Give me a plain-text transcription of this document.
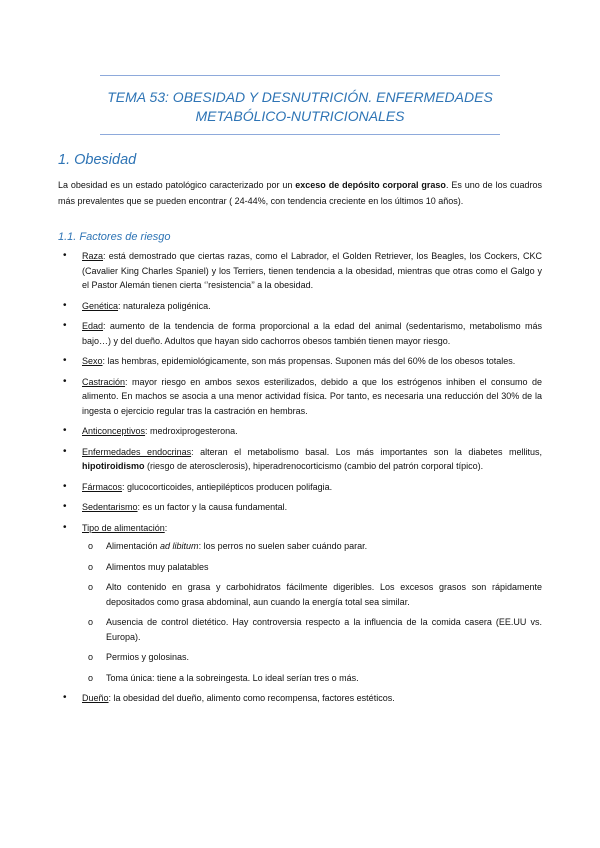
TEMA 53: OBESIDAD Y DESNUTRICIÓN. ENFERMEDADES
METABÓLICO-NUTRICIONALES
1. Obesidad
La obesidad es un estado patológico caracterizado por un exceso de depósito corporal graso. Es uno de los cuadros más prevalentes que se pueden encontrar ( 24-44%, con tendencia creciente en los últimos 10 años).
1.1. Factores de riesgo
• Raza: está demostrado que ciertas razas, como el Labrador, el Golden Retriever, los Beagles, los Cockers, CKC (Cavalier King Charles Spaniel) y los Terriers, tienen tendencia a la obesidad, mientras que otras como el Galgo y el Pastor Alemán tienen cierta ‘’resistencia’’ a la obesidad.
• Genética: naturaleza poligénica.
• Edad: aumento de la tendencia de forma proporcional a la edad del animal (sedentarismo, metabolismo más bajo…) y del dueño. Adultos que hayan sido cachorros obesos también tienen mayor riesgo.
• Sexo: las hembras, epidemiológicamente, son más propensas. Suponen más del 60% de los obesos totales.
• Castración: mayor riesgo en ambos sexos esterilizados, debido a que los estrógenos inhiben el consumo de alimento. En machos se asocia a una menor actividad física. Por tanto, es necesaria una reducción del 30% de la ingesta o ejercicio regular tras la castración en hembras.
• Anticonceptivos: medroxiprogesterona.
• Enfermedades endocrinas: alteran el metabolismo basal. Los más importantes son la diabetes mellitus, hipotiroidismo (riesgo de aterosclerosis), hiperadrenocorticismo (cambio del patrón corporal típico).
• Fármacos: glucocorticoides, antiepilépticos producen polifagia.
• Sedentarismo: es un factor y la causa fundamental.
• Tipo de alimentación:
o Alimentación ad libitum: los perros no suelen saber cuándo parar.
o Alimentos muy palatables
o Alto contenido en grasa y carbohidratos fácilmente digeribles. Los excesos grasos son rápidamente depositados como grasa abdominal, aun cuando la energía total sea similar.
o Ausencia de control dietético. Hay controversia respecto a la influencia de la comida casera (EE.UU vs. Europa).
o Permios y golosinas.
o Toma única: tiene a la sobreingesta. Lo ideal serían tres o más.
• Dueño: la obesidad del dueño, alimento como recompensa, factores estéticos.
